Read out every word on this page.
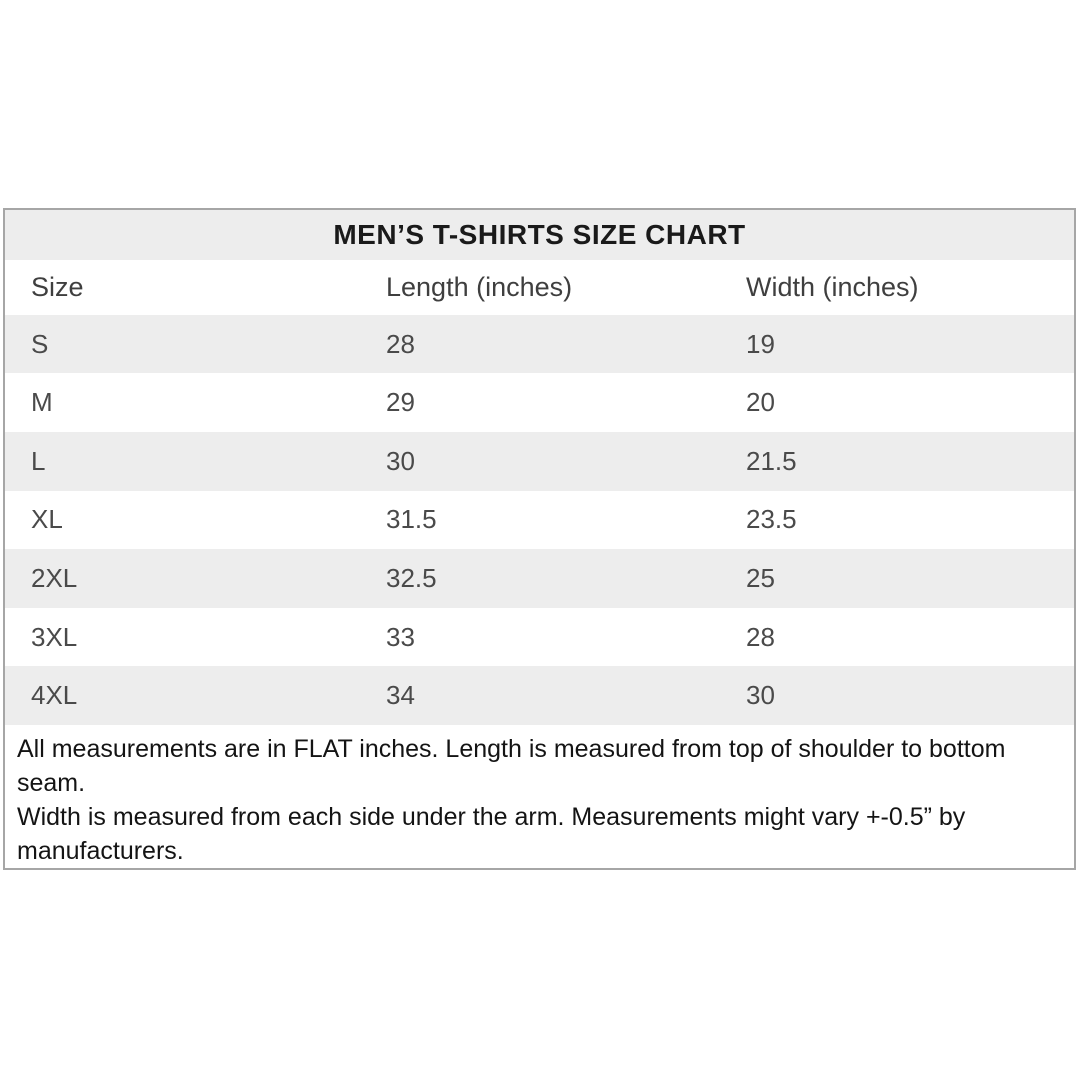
MEN’S T-SHIRTS SIZE CHART
Size	Length (inches)	Width (inches)
S	28	19
M	29	20
L	30	21.5
XL	31.5	23.5
2XL	32.5	25
3XL	33	28
4XL	34	30
All measurements are in FLAT inches. Length is measured from top of shoulder to bottom seam.
Width is measured from each side under the arm. Measurements might vary +-0.5” by manufacturers.
